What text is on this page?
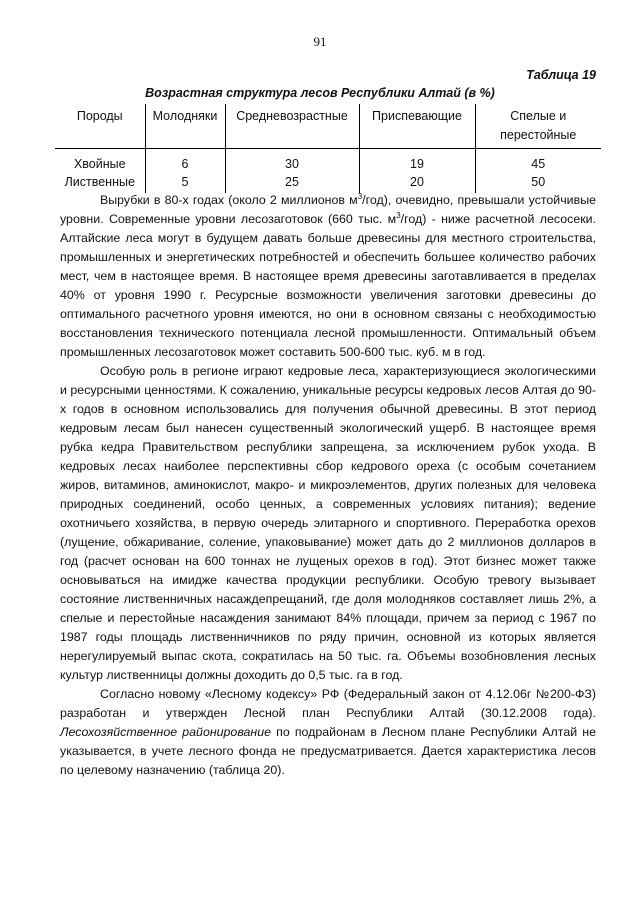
91
Таблица 19
Возрастная структура лесов Республики Алтай (в %)
Породы	Молодняки	Средневозрастные	Приспевающие	Спелые и перестойные
Хвойные	6	30	19	45
Лиственные	5	25	20	50

Вырубки в 80-х годах (около 2 миллионов $м^3/год$), очевидно, превышали устойчивые уровни. Современные уровни лесозаготовок (660 тыс. $м^3/год$) - ниже расчетной лесосеки. Алтайские леса могут в будущем давать больше древесины для местного строительства, промышленных и энергетических потребностей и обеспечить большее количество рабочих мест, чем в настоящее время. В настоящее время древесины заготавливается в пределах 40% от уровня 1990 г. Ресурсные возможности увеличения заготовки древесины до оптимального расчетного уровня имеются, но они в основном связаны с необходимостью восстановления технического потенциала лесной промышленности. Оптимальный объем промышленных лесозаготовок может составить 500-600 тыс. куб. м в год.

Особую роль в регионе играют кедровые леса, характеризующиеся экологическими и ресурсными ценностями. К сожалению, уникальные ресурсы кедровых лесов Алтая до 90-х годов в основном использовались для получения обычной древесины. В этот период кедровым лесам был нанесен существенный экологический ущерб. В настоящее время рубка кедра Правительством республики запрещена, за исключением рубок ухода. В кедровых лесах наиболее перспективны сбор кедрового ореха (с особым сочетанием жиров, витаминов, аминокислот, макро- и микроэлементов, других полезных для человека природных соединений, особо ценных, а современных условиях питания); ведение охотничьего хозяйства, в первую очередь элитарного и спортивного. Переработка орехов (лущение, обжаривание, соление, упаковывание) может дать до 2 миллионов долларов в год (расчет основан на 600 тоннах не лущеных орехов в год). Этот бизнес может также основываться на имидже качества продукции республики. Особую тревогу вызывает состояние лиственничных насаждепрещаний, где доля молодняков составляет лишь 2%, а спелые и перестойные насаждения занимают 84% площади, причем за период с 1967 по 1987 годы площадь лиственничников по ряду причин, основной из которых является нерегулируемый выпас скота, сократилась на 50 тыс. га. Объемы возобновления лесных культур лиственницы должны доходить до 0,5 тыс. га в год.

Согласно новому «Лесному кодексу» РФ (Федеральный закон от 4.12.06г №200-ФЗ) разработан и утвержден Лесной план Республики Алтай (30.12.2008 года). Лесохозяйственное районирование по подрайонам в Лесном плане Республики Алтай не указывается, в учете лесного фонда не предусматривается. Дается характеристика лесов по целевому назначению (таблица 20).
